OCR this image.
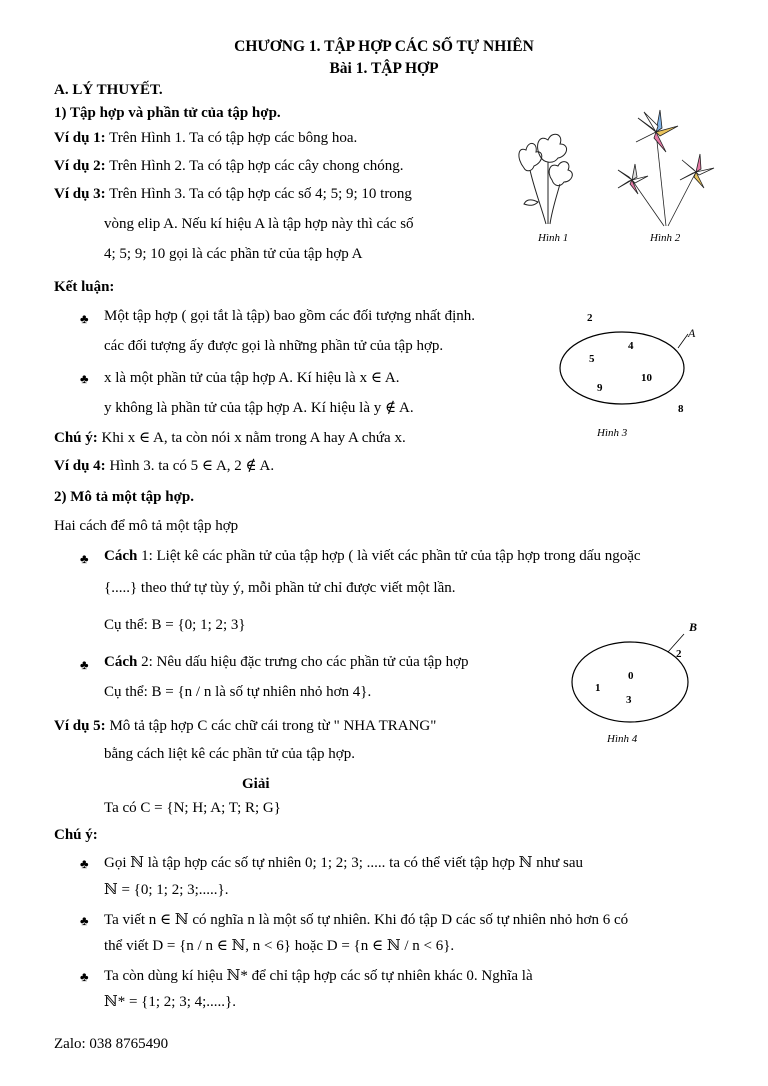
CHƯƠNG 1. TẬP HỢP CÁC SỐ TỰ NHIÊN
Bài 1. TẬP HỢP
A. LÝ THUYẾT.
1) Tập hợp và phần tử của tập hợp.
Ví dụ 1: Trên Hình 1. Ta có tập hợp các bông hoa.
Ví dụ 2: Trên Hình 2. Ta có tập hợp các cây chong chóng.
Ví dụ 3: Trên Hình 3. Ta có tập hợp các số 4; 5; 9; 10 trong
vòng elip A. Nếu kí hiệu A là tập hợp này thì các số
4; 5; 9; 10 gọi là các phần tử của tập hợp A
Kết luận:
♣ Một tập hợp ( gọi tắt là tập) bao gồm các đối tượng nhất định.
các đối tượng ấy được gọi là những phần tử của tập hợp.
♣ x là một phần tử của tập hợp A. Kí hiệu là x ∈ A.
y không là phần tử của tập hợp A. Kí hiệu là y ∉ A.
Chú ý: Khi x ∈ A, ta còn nói x nằm trong A hay A chứa x.
Ví dụ 4: Hình 3. ta có 5 ∈ A, 2 ∉ A.
2) Mô tả một tập hợp.
Hai cách để mô tả một tập hợp
♣ Cách 1: Liệt kê các phần tử của tập hợp ( là viết các phần tử của tập hợp trong dấu ngoặc
{.....} theo thứ tự tùy ý, mỗi phần tử chỉ được viết một lần.
Cụ thể: B = {0; 1; 2; 3}
♣ Cách 2: Nêu dấu hiệu đặc trưng cho các phần tử của tập hợp
Cụ thể: B = {n / n là số tự nhiên nhỏ hơn 4}.
Ví dụ 5: Mô tả tập hợp C các chữ cái trong từ " NHA TRANG"
bằng cách liệt kê các phần tử của tập hợp.
Giải
Ta có C = {N; H; A; T; R; G}
Chú ý:
♣ Gọi ℕ là tập hợp các số tự nhiên 0; 1; 2; 3; ..... ta có thể viết tập hợp ℕ như sau
ℕ = {0; 1; 2; 3;.....}.
♣ Ta viết n ∈ ℕ có nghĩa n là một số tự nhiên. Khi đó tập D các số tự nhiên nhỏ hơn 6 có
thể viết D = {n / n ∈ ℕ, n < 6} hoặc D = {n ∈ ℕ / n < 6}.
♣ Ta còn dùng kí hiệu ℕ* để chỉ tập hợp các số tự nhiên khác 0. Nghĩa là
ℕ* = {1; 2; 3; 4;.....}.
Zalo: 038 8765490
Hình 1	Hình 2
A
2
8
4
5
9
10
Hình 3
B
2
0
1
3
Hình 4
